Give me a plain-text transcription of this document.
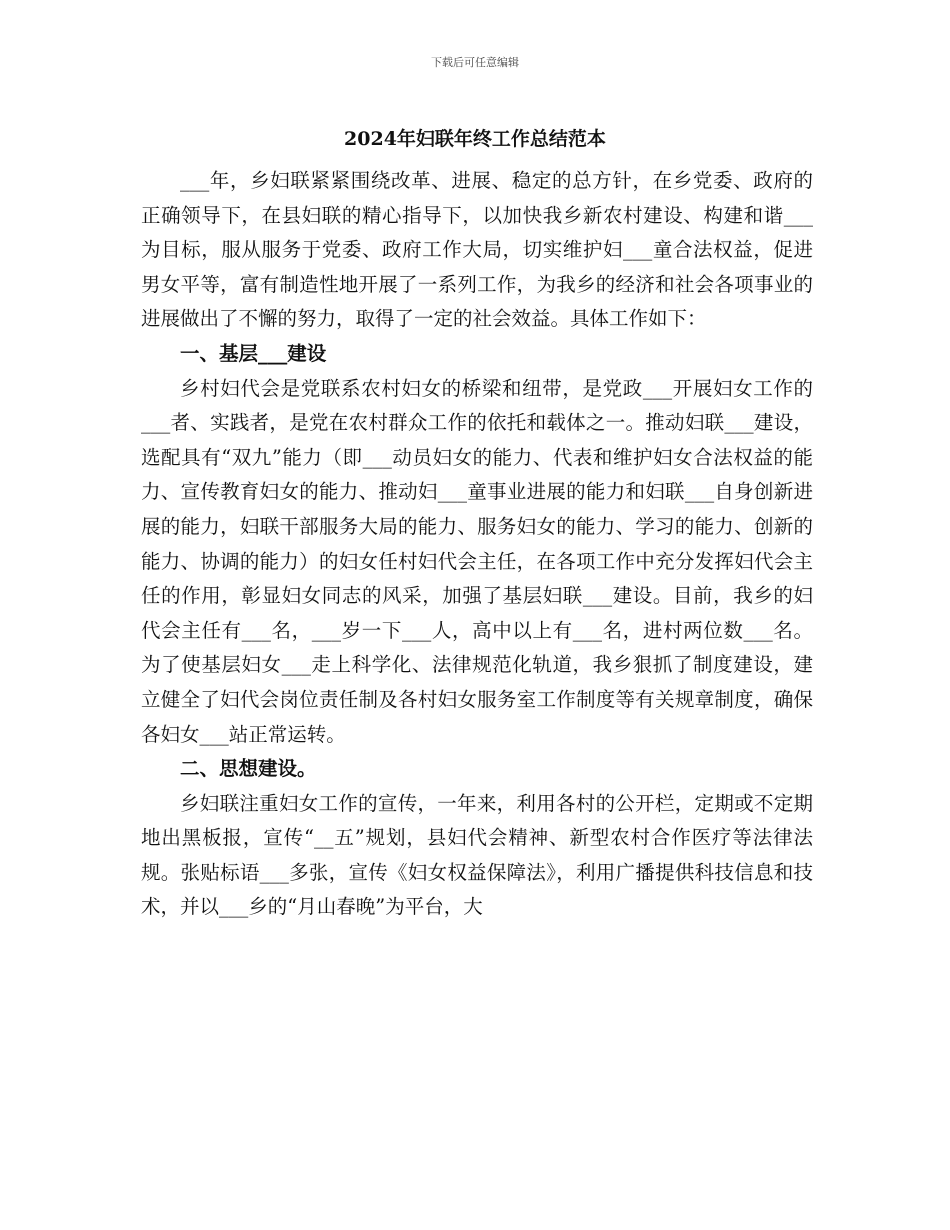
下载后可任意编辑
2024年妇联年终工作总结范本

___年，乡妇联紧紧围绕改革、进展、稳定的总方针，在乡党委、政府的正确领导下，在县妇联的精心指导下，以加快我乡新农村建设、构建和谐___为目标，服从服务于党委、政府工作大局，切实维护妇___童合法权益，促进男女平等，富有制造性地开展了一系列工作，为我乡的经济和社会各项事业的进展做出了不懈的努力，取得了一定的社会效益。具体工作如下：

一、基层___建设

乡村妇代会是党联系农村妇女的桥梁和纽带，是党政___开展妇女工作的___者、实践者，是党在农村群众工作的依托和载体之一。推动妇联___建设，选配具有“双九”能力（即___动员妇女的能力、代表和维护妇女合法权益的能力、宣传教育妇女的能力、推动妇___童事业进展的能力和妇联___自身创新进展的能力，妇联干部服务大局的能力、服务妇女的能力、学习的能力、创新的能力、协调的能力）的妇女任村妇代会主任，在各项工作中充分发挥妇代会主任的作用，彰显妇女同志的风采，加强了基层妇联___建设。目前，我乡的妇代会主任有___名，___岁一下___人，高中以上有___名，进村两位数___名。为了使基层妇女___走上科学化、法律规范化轨道，我乡狠抓了制度建设，建立健全了妇代会岗位责任制及各村妇女服务室工作制度等有关规章制度，确保各妇女___站正常运转。

二、思想建设。

乡妇联注重妇女工作的宣传，一年来，利用各村的公开栏，定期或不定期地出黑板报，宣传“__五”规划，县妇代会精神、新型农村合作医疗等法律法规。张贴标语___多张，宣传《妇女权益保障法》，利用广播提供科技信息和技术，并以___乡的“月山春晚”为平台，大
